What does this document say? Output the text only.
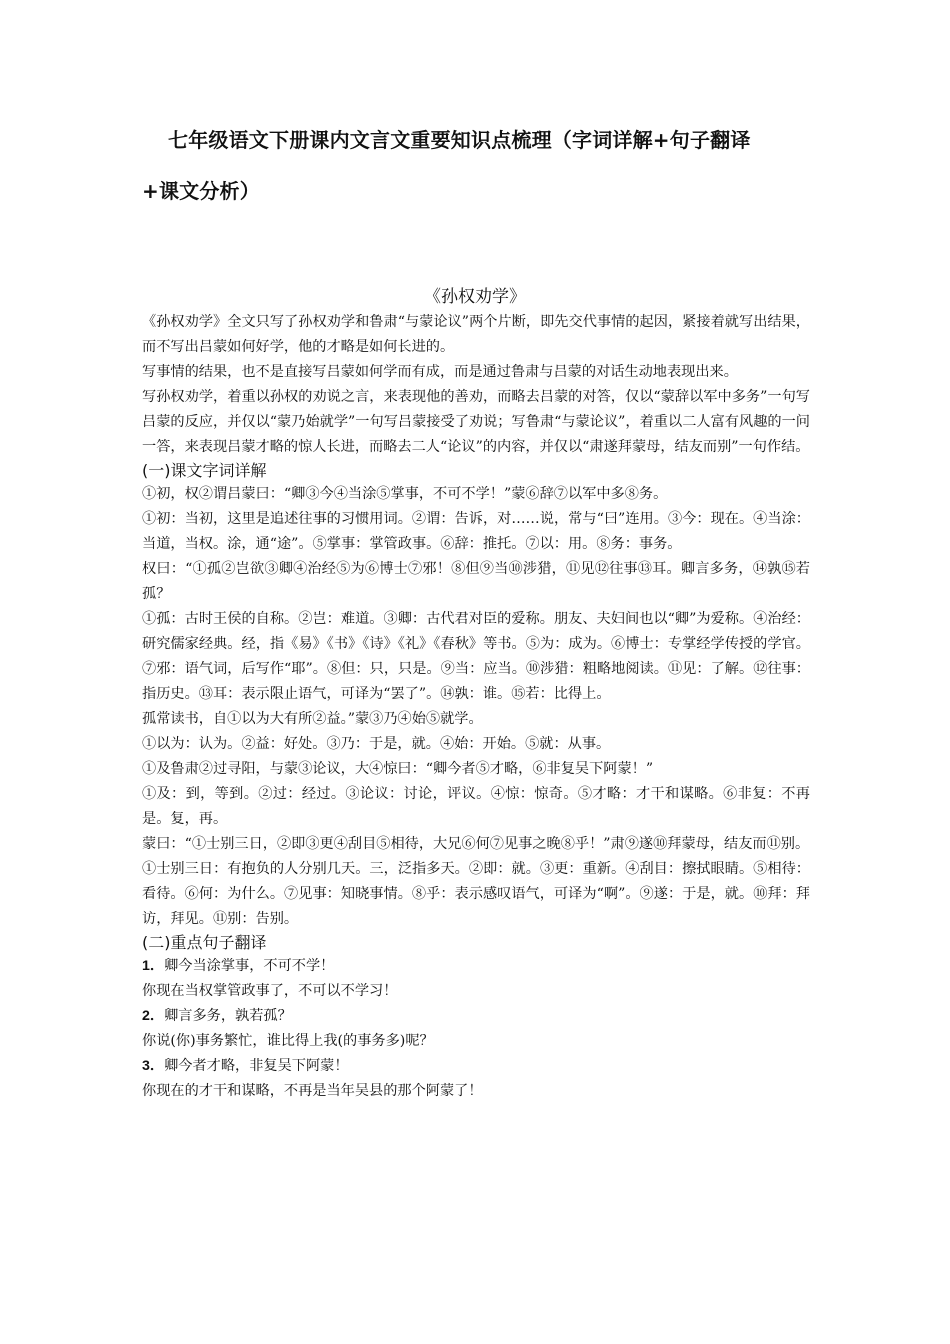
七年级语文下册课内文言文重要知识点梳理（字词详解+句子翻译
+课文分析）
《孙权劝学》

《孙权劝学》全文只写了孙权劝学和鲁肃“与蒙论议”两个片断，即先交代事情的起因，紧接着就写出结果，而不写出吕蒙如何好学，他的才略是如何长进的。

写事情的结果，也不是直接写吕蒙如何学而有成，而是通过鲁肃与吕蒙的对话生动地表现出来。

写孙权劝学，着重以孙权的劝说之言，来表现他的善劝，而略去吕蒙的对答，仅以“蒙辞以军中多务”一句写吕蒙的反应，并仅以“蒙乃始就学”一句写吕蒙接受了劝说；写鲁肃“与蒙论议”，着重以二人富有风趣的一问一答，来表现吕蒙才略的惊人长进，而略去二人“论议”的内容，并仅以“肃遂拜蒙母，结友而别”一句作结。

(一)课文字词详解

①初，权②谓吕蒙曰：“卿③今④当涂⑤掌事，不可不学！”蒙⑥辞⑦以军中多⑧务。

①初：当初，这里是追述往事的习惯用词。②谓：告诉，对……说，常与“曰”连用。③今：现在。④当涂：当道，当权。涂，通“途”。⑤掌事：掌管政事。⑥辞：推托。⑦以：用。⑧务：事务。

权曰：“①孤②岂欲③卿④治经⑤为⑥博士⑦邪！⑧但⑨当⑩涉猎，⑪见⑫往事⑬耳。卿言多务，⑭孰⑮若孤？

①孤：古时王侯的自称。②岂：难道。③卿：古代君对臣的爱称。朋友、夫妇间也以“卿”为爱称。④治经：研究儒家经典。经，指《易》《书》《诗》《礼》《春秋》等书。⑤为：成为。⑥博士：专掌经学传授的学官。⑦邪：语气词，后写作“耶”。⑧但：只，只是。⑨当：应当。⑩涉猎：粗略地阅读。⑪见：了解。⑫往事：指历史。⑬耳：表示限止语气，可译为“罢了”。⑭孰：谁。⑮若：比得上。

孤常读书，自①以为大有所②益。”蒙③乃④始⑤就学。

①以为：认为。②益：好处。③乃：于是，就。④始：开始。⑤就：从事。

①及鲁肃②过寻阳，与蒙③论议，大④惊曰：“卿今者⑤才略，⑥非复吴下阿蒙！”

①及：到，等到。②过：经过。③论议：讨论，评议。④惊：惊奇。⑤才略：才干和谋略。⑥非复：不再是。复，再。

蒙曰：“①士别三日，②即③更④刮目⑤相待，大兄⑥何⑦见事之晚⑧乎！”肃⑨遂⑩拜蒙母，结友而⑪别。

①士别三日：有抱负的人分别几天。三，泛指多天。②即：就。③更：重新。④刮目：擦拭眼睛。⑤相待：看待。⑥何：为什么。⑦见事：知晓事情。⑧乎：表示感叹语气，可译为“啊”。⑨遂：于是，就。⑩拜：拜访，拜见。⑪别：告别。

(二)重点句子翻译

1．卿今当涂掌事，不可不学！

你现在当权掌管政事了，不可以不学习！

2．卿言多务，孰若孤？

你说(你)事务繁忙，谁比得上我(的事务多)呢？

3．卿今者才略，非复吴下阿蒙！

你现在的才干和谋略，不再是当年吴县的那个阿蒙了！
